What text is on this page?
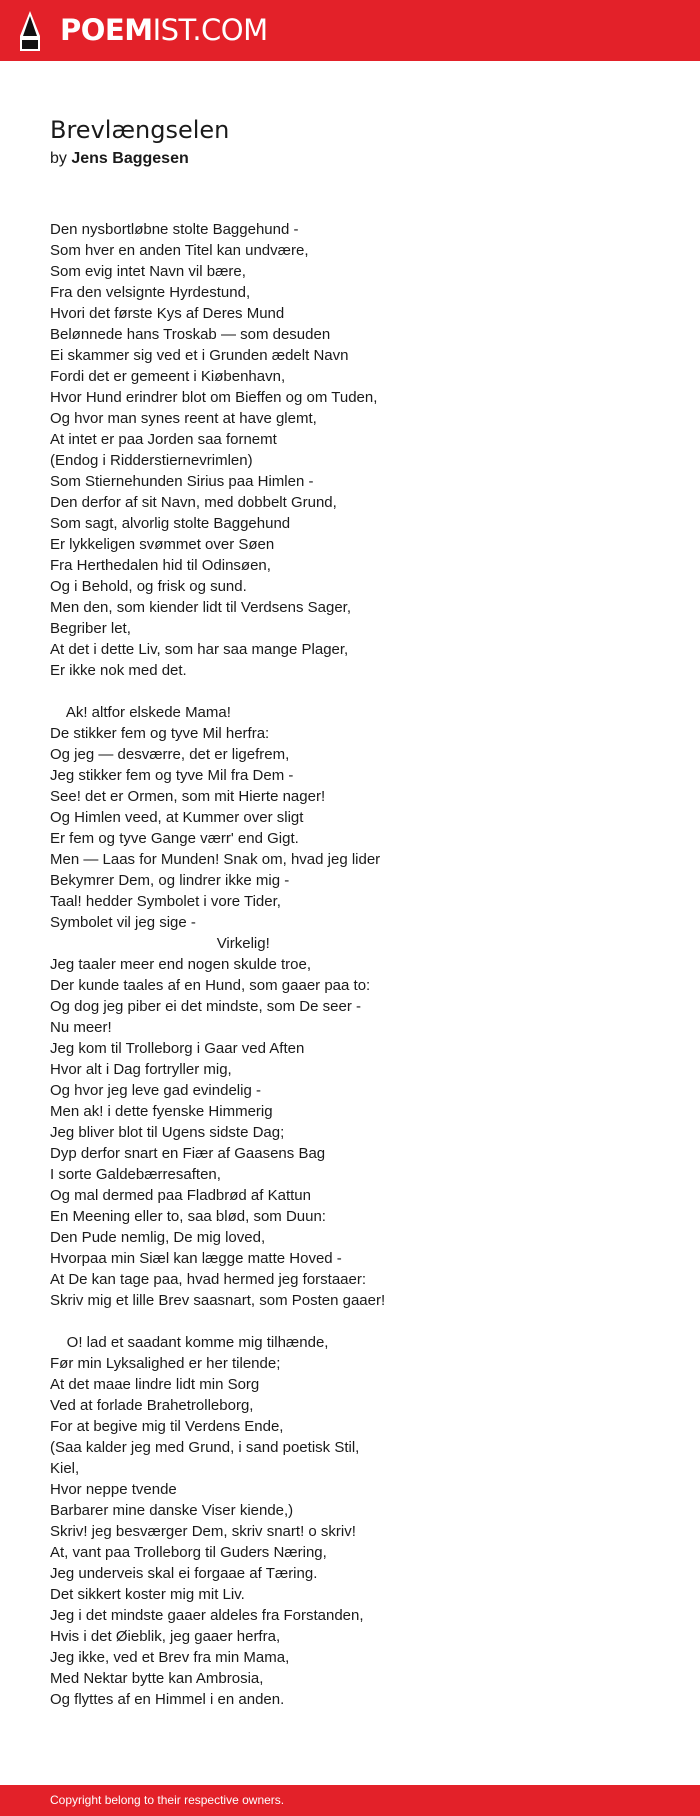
POEMIST.COM
Brevlængselen
by Jens Baggesen
Den nysbortløbne stolte Baggehund -
Som hver en anden Titel kan undvære,
Som evig intet Navn vil bære,
Fra den velsignte Hyrdestund,
Hvori det første Kys af Deres Mund
Belønnede hans Troskab — som desuden
Ei skammer sig ved et i Grunden ædelt Navn
Fordi det er gemeent i Kiøbenhavn,
Hvor Hund erindrer blot om Bieffen og om Tuden,
Og hvor man synes reent at have glemt,
At intet er paa Jorden saa fornemt
(Endog i Ridderstiernevrimlen)
Som Stiernehunden Sirius paa Himlen -
Den derfor af sit Navn, med dobbelt Grund,
Som sagt, alvorlig stolte Baggehund
Er lykkeligen svømmet over Søen
Fra Herthedalen hid til Odinsøen,
Og i Behold, og frisk og sund.
Men den, som kiender lidt til Verdsens Sager,
Begriber let,
At det i dette Liv, som har saa mange Plager,
Er ikke nok med det.
Ak! altfor elskede Mama!
De stikker fem og tyve Mil herfra:
Og jeg — desværre, det er ligefrem,
Jeg stikker fem og tyve Mil fra Dem -
See! det er Ormen, som mit Hierte nager!
Og Himlen veed, at Kummer over sligt
Er fem og tyve Gange værr' end Gigt.
Men — Laas for Munden! Snak om, hvad jeg lider
Bekymrer Dem, og lindrer ikke mig -
Taal! hedder Symbolet i vore Tider,
Symbolet vil jeg sige -
Virkelig!
Jeg taaler meer end nogen skulde troe,
Der kunde taales af en Hund, som gaaer paa to:
Og dog jeg piber ei det mindste, som De seer -
Nu meer!
Jeg kom til Trolleborg i Gaar ved Aften
Hvor alt i Dag fortryller mig,
Og hvor jeg leve gad evindelig -
Men ak! i dette fyenske Himmerig
Jeg bliver blot til Ugens sidste Dag;
Dyp derfor snart en Fiær af Gaasens Bag
I sorte Galdebærresaften,
Og mal dermed paa Fladbrød af Kattun
En Meening eller to, saa blød, som Duun:
Den Pude nemlig, De mig loved,
Hvorpaa min Siæl kan lægge matte Hoved -
At De kan tage paa, hvad hermed jeg forstaaer:
Skriv mig et lille Brev saasnart, som Posten gaaer!
O! lad et saadant komme mig tilhænde,
Før min Lyksalighed er her tilende;
At det maae lindre lidt min Sorg
Ved at forlade Brahetrolleborg,
For at begive mig til Verdens Ende,
(Saa kalder jeg med Grund, i sand poetisk Stil,
Kiel,
Hvor neppe tvende
Barbarer mine danske Viser kiende,)
Skriv! jeg besværger Dem, skriv snart! o skriv!
At, vant paa Trolleborg til Guders Næring,
Jeg underveis skal ei forgaae af Tæring.
Det sikkert koster mig mit Liv.
Jeg i det mindste gaaer aldeles fra Forstanden,
Hvis i det Øieblik, jeg gaaer herfra,
Jeg ikke, ved et Brev fra min Mama,
Med Nektar bytte kan Ambrosia,
Og flyttes af en Himmel i en anden.
Copyright belong to their respective owners.
